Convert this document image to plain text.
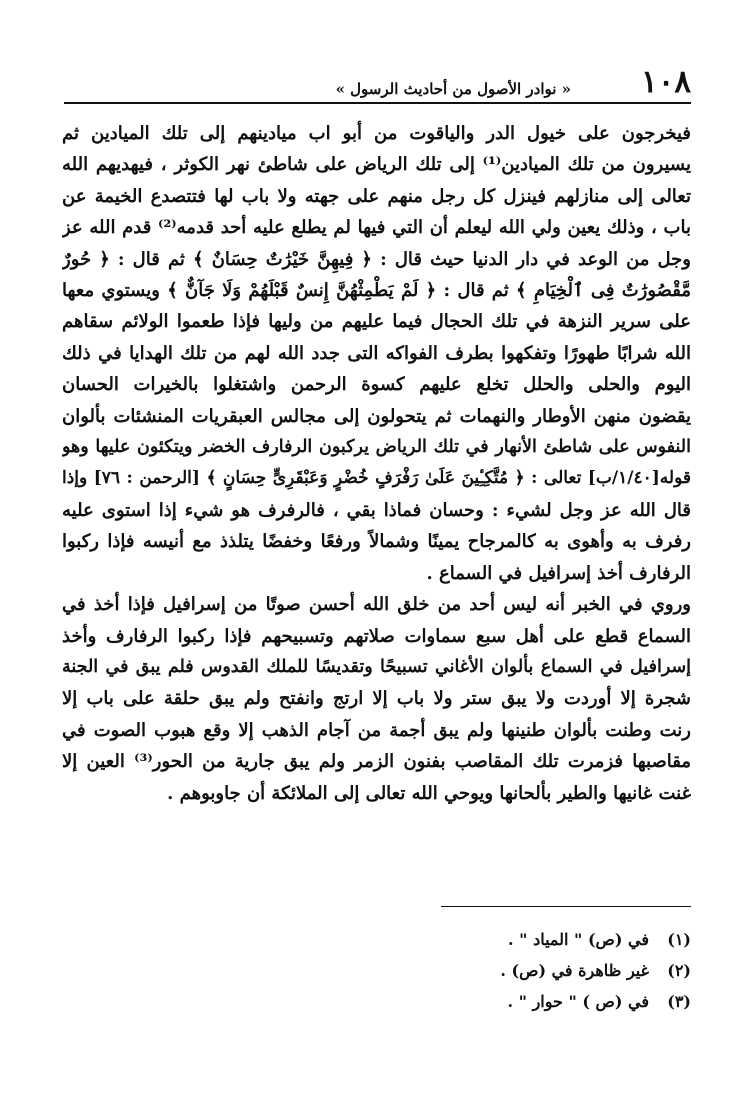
١٠٨
« نوادر الأصول من أحاديث الرسول »

فيخرجون على خيول الدر والياقوت من أبو اب ميادينهم إلى تلك الميادين ثم
يسيرون من تلك الميادين⁽¹⁾ إلى تلك الرياض على شاطئ نهر الكوثر ، فيهديهم الله
تعالى إلى منازلهم فينزل كل رجل منهم على جهته ولا باب لها فتتصدع الخيمة عن
باب ، وذلك يعين ولي الله ليعلم أن التي فيها لم يطلع عليه أحد قدمه⁽²⁾ قدم الله عز
وجل من الوعد في دار الدنيا حيث قال : ﴿ فِيهِنَّ خَيْرَٰتٌ حِسَانٌ ﴾ ثم قال : ﴿ حُورٌ
مَّقْصُورَٰتٌ فِى ٱلْخِيَامِ ﴾ ثم قال : ﴿ لَمْ يَطْمِثْهُنَّ إِنسٌ قَبْلَهُمْ وَلَا جَآنٌّ ﴾ ويستوي معها
على سرير النزهة في تلك الحجال فيما عليهم من وليها فإذا طعموا الولائم سقاهم
الله شرابًا طهورًا وتفكهوا بطرف الفواكه التى جدد الله لهم من تلك الهدايا في ذلك
اليوم والحلى والحلل تخلع عليهم كسوة الرحمن واشتغلوا بالخيرات الحسان
يقضون منهن الأوطار والنهمات ثم يتحولون إلى مجالس العبقريات المنشئات بألوان
النفوس على شاطئ الأنهار في تلك الرياض يركبون الرفارف الخضر ويتكئون عليها وهو
قوله[١/٤٠/ب] تعالى : ﴿ مُتَّكِـِٔينَ عَلَىٰ رَفْرَفٍ خُضْرٍ وَعَبْقَرِىٍّ حِسَانٍ ﴾ [الرحمن : ٧٦] وإذا
قال الله عز وجل لشيء : وحسان فماذا بقي ، فالرفرف هو شيء إذا استوى عليه
رفرف به وأهوى به كالمرجاح يمينًا وشمالاً ورفعًا وخفضًا يتلذذ مع أنيسه فإذا ركبوا
الرفارف أخذ إسرافيل في السماع .

وروي في الخبر أنه ليس أحد من خلق الله أحسن صوتًا من إسرافيل فإذا أخذ في
السماع قطع على أهل سبع سماوات صلاتهم وتسبيحهم فإذا ركبوا الرفارف وأخذ
إسرافيل في السماع بألوان الأغاني تسبيحًا وتقديسًا للملك القدوس فلم يبق في الجنة
شجرة إلا أوردت ولا يبق ستر ولا باب إلا ارتج وانفتح ولم يبق حلقة على باب إلا
رنت وطنت بألوان طنينها ولم يبق أجمة من آجام الذهب إلا وقع هبوب الصوت في
مقاصبها فزمرت تلك المقاصب بفنون الزمر ولم يبق جارية من الحور⁽³⁾ العين إلا
غنت غانيها والطير بألحانها ويوحي الله تعالى إلى الملائكة أن جاوبوهم .

(١)
في (ص) " المياد " .
(٢)
غير ظاهرة في (ص) .
(٣)
في (ص ) " حوار " .
